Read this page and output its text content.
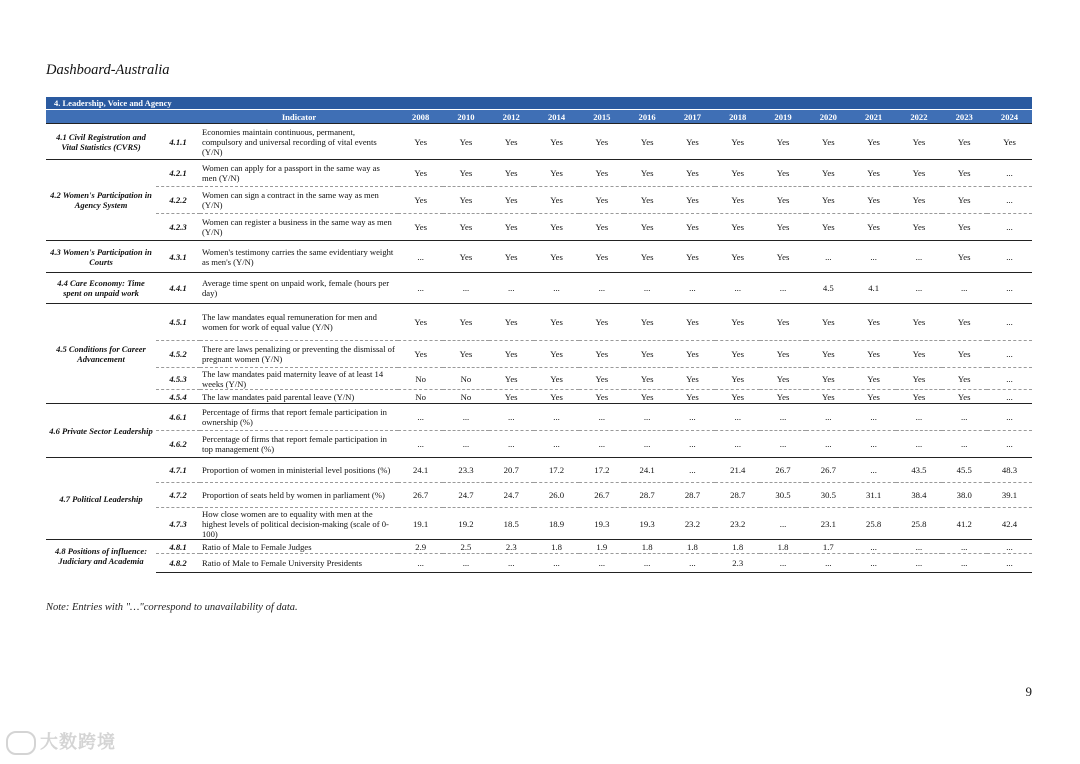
Dashboard-Australia
4. Leadership, Voice and Agency
		Indicator	2008	2010	2012	2014	2015	2016	2017	2018	2019	2020	2021	2022	2023	2024
4.1 Civil Registration and Vital Statistics (CVRS)	4.1.1	Economies maintain continuous, permanent, compulsory and universal recording of vital events (Y/N)	Yes	Yes	Yes	Yes	Yes	Yes	Yes	Yes	Yes	Yes	Yes	Yes	Yes	Yes
4.2 Women's Participation in Agency System	4.2.1	Women can apply for a passport in the same way as men (Y/N)	Yes	Yes	Yes	Yes	Yes	Yes	Yes	Yes	Yes	Yes	Yes	Yes	Yes	...
	4.2.2	Women can sign a contract in the same way as men (Y/N)	Yes	Yes	Yes	Yes	Yes	Yes	Yes	Yes	Yes	Yes	Yes	Yes	Yes	...
	4.2.3	Women can register a business in the same way as men (Y/N)	Yes	Yes	Yes	Yes	Yes	Yes	Yes	Yes	Yes	Yes	Yes	Yes	Yes	...
4.3 Women's Participation in Courts	4.3.1	Women's testimony carries the same evidentiary weight as men's (Y/N)	...	Yes	Yes	Yes	Yes	Yes	Yes	Yes	Yes	...	...	...	Yes	...
4.4 Care Economy: Time spent on unpaid work	4.4.1	Average time spent on unpaid work, female (hours per day)	...	...	...	...	...	...	...	...	...	4.5	4.1	...	...	...
4.5 Conditions for Career Advancement	4.5.1	The law mandates equal remuneration for men and women for work of equal value (Y/N)	Yes	Yes	Yes	Yes	Yes	Yes	Yes	Yes	Yes	Yes	Yes	Yes	Yes	...
	4.5.2	There are laws penalizing or preventing the dismissal of pregnant women (Y/N)	Yes	Yes	Yes	Yes	Yes	Yes	Yes	Yes	Yes	Yes	Yes	Yes	Yes	...
	4.5.3	The law mandates paid maternity leave of at least 14 weeks (Y/N)	No	No	Yes	Yes	Yes	Yes	Yes	Yes	Yes	Yes	Yes	Yes	Yes	...
	4.5.4	The law mandates paid parental leave (Y/N)	No	No	Yes	Yes	Yes	Yes	Yes	Yes	Yes	Yes	Yes	Yes	Yes	...
4.6 Private Sector Leadership	4.6.1	Percentage of firms that report female participation in ownership (%)	...	...	...	...	...	...	...	...	...	...	...	...	...	...
	4.6.2	Percentage of firms that report female participation in top management (%)	...	...	...	...	...	...	...	...	...	...	...	...	...	...
4.7 Political Leadership	4.7.1	Proportion of women in ministerial level positions (%)	24.1	23.3	20.7	17.2	17.2	24.1	...	21.4	26.7	26.7	...	43.5	45.5	48.3
	4.7.2	Proportion of seats held by women in parliament (%)	26.7	24.7	24.7	26.0	26.7	28.7	28.7	28.7	30.5	30.5	31.1	38.4	38.0	39.1
	4.7.3	How close women are to equality with men at the highest levels of political decision-making (scale of 0-100)	19.1	19.2	18.5	18.9	19.3	19.3	23.2	23.2	...	23.1	25.8	25.8	41.2	42.4
4.8 Positions of influence: Judiciary and Academia	4.8.1	Ratio of Male to Female Judges	2.9	2.5	2.3	1.8	1.9	1.8	1.8	1.8	1.8	1.7	...	...	...	...
	4.8.2	Ratio of Male to Female University Presidents	...	...	...	...	...	...	...	2.3	...	...	...	...	...	...
Note: Entries with "…"correspond to unavailability of data.
9
大数跨境
